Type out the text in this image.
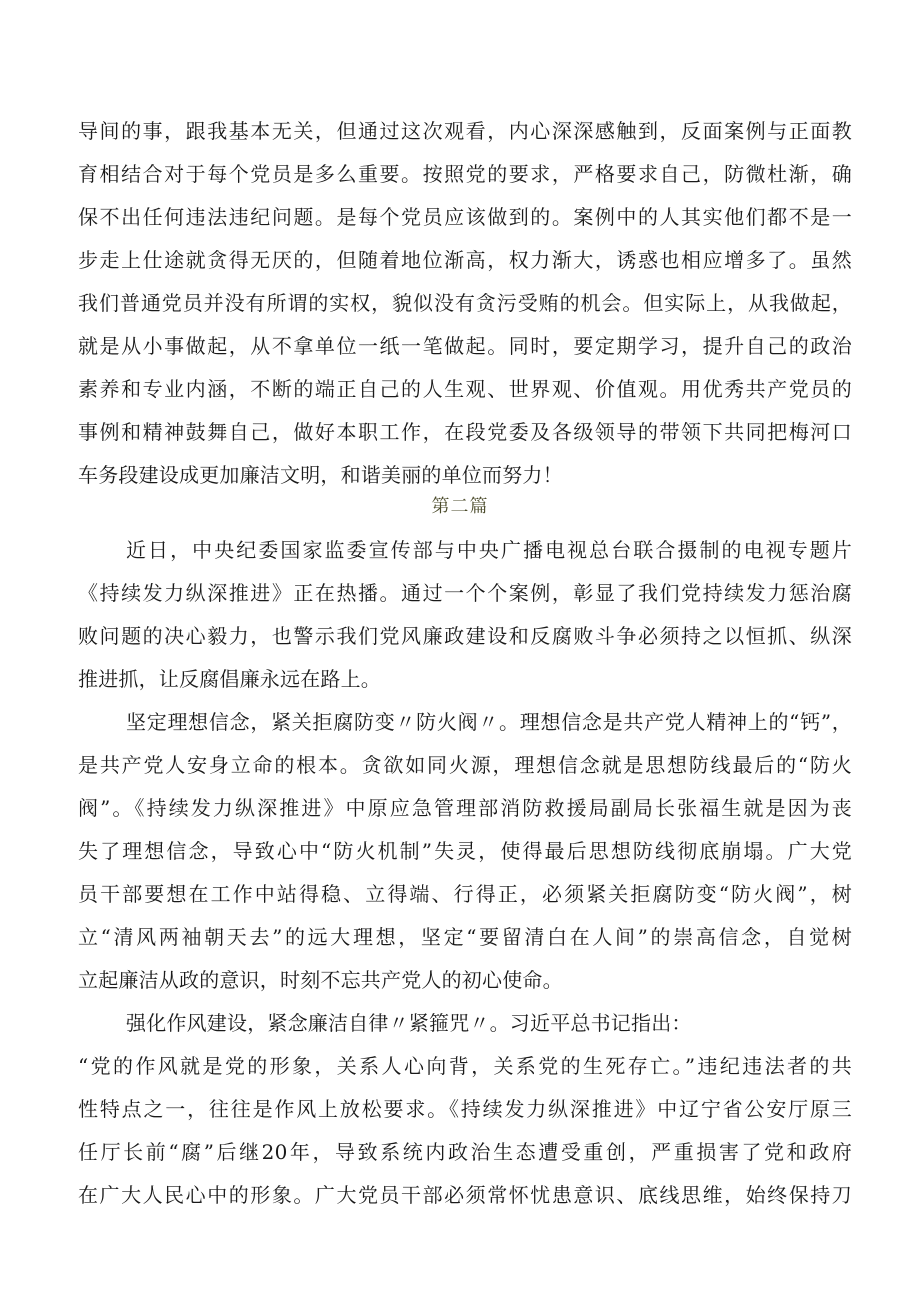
导间的事，跟我基本无关，但通过这次观看，内心深深感触到，反面案例与正面教
育相结合对于每个党员是多么重要。按照党的要求，严格要求自己，防微杜渐，确
保不出任何违法违纪问题。是每个党员应该做到的。案例中的人其实他们都不是一
步走上仕途就贪得无厌的，但随着地位渐高，权力渐大，诱惑也相应增多了。虽然
我们普通党员并没有所谓的实权，貌似没有贪污受贿的机会。但实际上，从我做起，
就是从小事做起，从不拿单位一纸一笔做起。同时，要定期学习，提升自己的政治
素养和专业内涵，不断的端正自己的人生观、世界观、价值观。用优秀共产党员的
事例和精神鼓舞自己，做好本职工作，在段党委及各级领导的带领下共同把梅河口
车务段建设成更加廉洁文明，和谐美丽的单位而努力！
第二篇
近日，中央纪委国家监委宣传部与中央广播电视总台联合摄制的电视专题片
《持续发力纵深推进》正在热播。通过一个个案例，彰显了我们党持续发力惩治腐
败问题的决心毅力，也警示我们党风廉政建设和反腐败斗争必须持之以恒抓、纵深
推进抓，让反腐倡廉永远在路上。
坚定理想信念，紧关拒腐防变〃防火阀〃。理想信念是共产党人精神上的“钙”，
是共产党人安身立命的根本。贪欲如同火源，理想信念就是思想防线最后的“防火
阀”。《持续发力纵深推进》中原应急管理部消防救援局副局长张福生就是因为丧
失了理想信念，导致心中“防火机制”失灵，使得最后思想防线彻底崩塌。广大党
员干部要想在工作中站得稳、立得端、行得正，必须紧关拒腐防变“防火阀”，树
立“清风两袖朝天去”的远大理想，坚定“要留清白在人间”的崇高信念，自觉树
立起廉洁从政的意识，时刻不忘共产党人的初心使命。
强化作风建设，紧念廉洁自律〃紧箍咒〃。习近平总书记指出：
“党的作风就是党的形象，关系人心向背，关系党的生死存亡。”违纪违法者的共
性特点之一，往往是作风上放松要求。《持续发力纵深推进》中辽宁省公安厅原三
任厅长前“腐”后继20年，导致系统内政治生态遭受重创，严重损害了党和政府
在广大人民心中的形象。广大党员干部必须常怀忧患意识、底线思维，始终保持刀
